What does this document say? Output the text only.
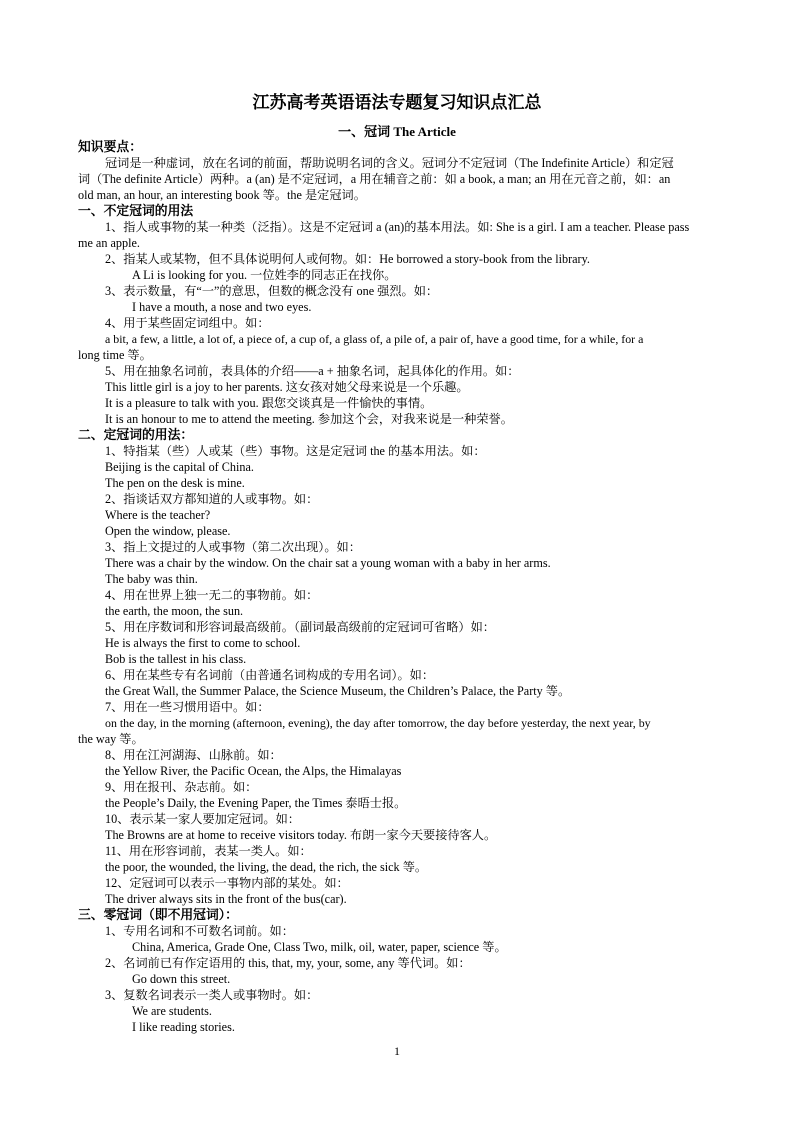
江苏高考英语语法专题复习知识点汇总
一、冠词 The Article
知识要点：
冠词是一种虚词，放在名词的前面，帮助说明名词的含义。冠词分不定冠词（The Indefinite Article）和定冠
词（The definite Article）两种。a (an) 是不定冠词，a 用在辅音之前：如 a book, a man; an 用在元音之前，如：an
old man, an hour, an interesting book 等。the 是定冠词。
一、不定冠词的用法
1、指人或事物的某一种类（泛指）。这是不定冠词 a (an)的基本用法。如: She is a girl. I am a teacher. Please pass
me an apple.
2、指某人或某物，但不具体说明何人或何物。如：He borrowed a story-book from the library.
A Li is looking for you. 一位姓李的同志正在找你。
3、表示数量，有“一”的意思，但数的概念没有 one 强烈。如：
I have a mouth, a nose and two eyes.
4、用于某些固定词组中。如：
a bit, a few, a little, a lot of, a piece of, a cup of, a glass of, a pile of, a pair of, have a good time, for a while, for a
long time 等。
5、用在抽象名词前，表具体的介绍——a + 抽象名词，起具体化的作用。如：
This little girl is a joy to her parents. 这女孩对她父母来说是一个乐趣。
It is a pleasure to talk with you. 跟您交谈真是一件愉快的事情。
It is an honour to me to attend the meeting. 参加这个会，对我来说是一种荣誉。
二、定冠词的用法：
1、特指某（些）人或某（些）事物。这是定冠词 the 的基本用法。如：
Beijing is the capital of China.
The pen on the desk is mine.
2、指谈话双方都知道的人或事物。如：
Where is the teacher?
Open the window, please.
3、指上文提过的人或事物（第二次出现）。如：
There was a chair by the window. On the chair sat a young woman with a baby in her arms.
The baby was thin.
4、用在世界上独一无二的事物前。如：
the earth, the moon, the sun.
5、用在序数词和形容词最高级前。（副词最高级前的定冠词可省略）如：
He is always the first to come to school.
Bob is the tallest in his class.
6、用在某些专有名词前（由普通名词构成的专用名词）。如：
the Great Wall, the Summer Palace, the Science Museum, the Children’s Palace, the Party 等。
7、用在一些习惯用语中。如：
on the day, in the morning (afternoon, evening), the day after tomorrow, the day before yesterday, the next year, by
the way 等。
8、用在江河湖海、山脉前。如：
the Yellow River, the Pacific Ocean, the Alps, the Himalayas
9、用在报刊、杂志前。如：
the People’s Daily, the Evening Paper, the Times 泰晤士报。
10、表示某一家人要加定冠词。如：
The Browns are at home to receive visitors today. 布朗一家今天要接待客人。
11、用在形容词前，表某一类人。如：
the poor, the wounded, the living, the dead, the rich, the sick 等。
12、定冠词可以表示一事物内部的某处。如：
The driver always sits in the front of the bus(car).
三、零冠词（即不用冠词）：
1、专用名词和不可数名词前。如：
China, America, Grade One, Class Two, milk, oil, water, paper, science 等。
2、名词前已有作定语用的 this, that, my, your, some, any 等代词。如：
Go down this street.
3、复数名词表示一类人或事物时。如：
We are students.
I like reading stories.
1
